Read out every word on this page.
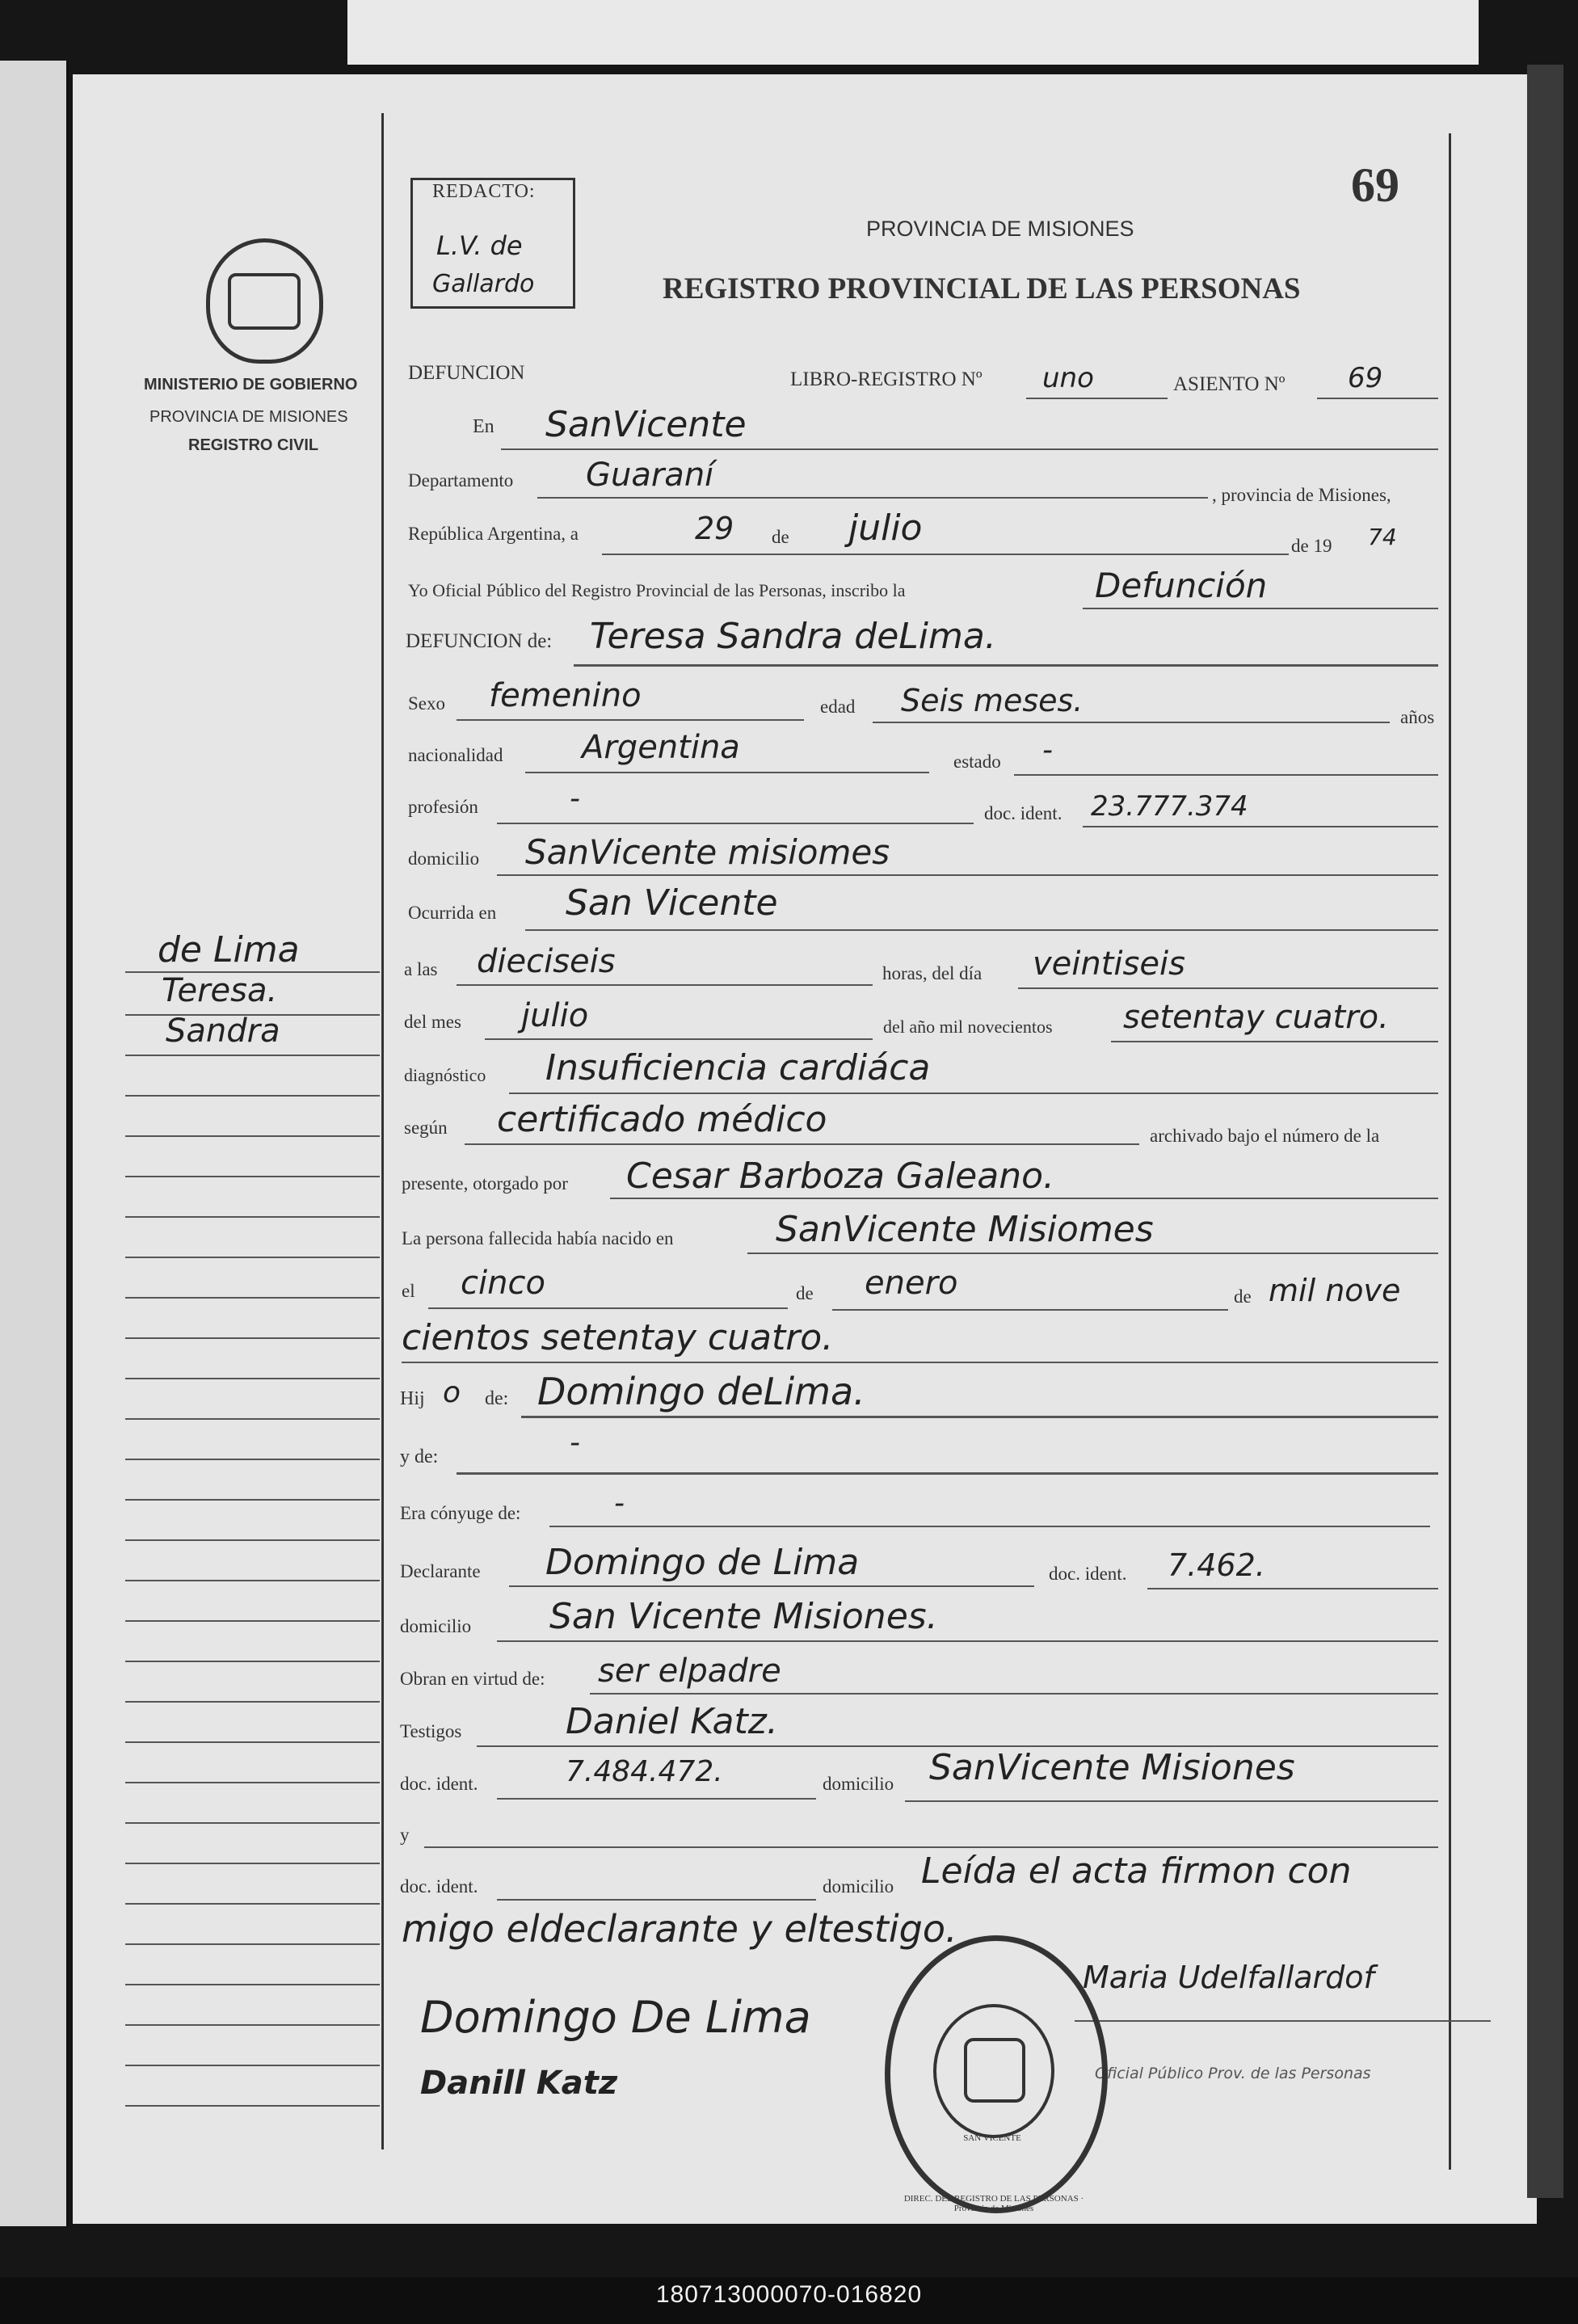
69
PROVINCIA DE MISIONES
REGISTRO PROVINCIAL DE LAS PERSONAS
REDACTO:
L.V. de
Gallardo
MINISTERIO DE GOBIERNO
PROVINCIA DE MISIONES
REGISTRO CIVIL
de Lima
Teresa.
Sandra
DEFUNCION	LIBRO-REGISTRO Nº uno	ASIENTO Nº 69
En SanVicente
Departamento Guaraní
, provincia de Misiones,
República Argentina, a	29 de julio	de 19 74
Yo Oficial Público del Registro Provincial de las Personas, inscribo la	Defunción
DEFUNCION de: Teresa Sandra deLima.
Sexo femenino	edad Seis meses.	años
nacionalidad Argentina	estado -
profesión	-	doc. ident. 23.777.374
domicilio SanVicente misiomes
Ocurrida en San Vicente
a las dieciseis	horas, del día veintiseis
del mes julio	del año mil novecientos setentay cuatro.
diagnóstico Insuficiencia cardiáca
según certificado médico	archivado bajo el número de la
presente, otorgado por Cesar Barboza Galeano.
La persona fallecida había nacido en	SanVicente Misiomes
el cinco	de enero	de mil nove
cientos setentay cuatro.
Hij o de: Domingo deLima.
y de:	-
Era cónyuge de:	-
Declarante Domingo de Lima	doc. ident. 7.462.
domicilio San Vicente Misiones.
Obran en virtud de: ser elpadre
Testigos	Daniel Katz.
doc. ident.	7.484.472.	domicilio SanVicente Misiones
y
doc. ident.	domicilio Leída el acta firmon con
migo eldeclarante y eltestigo.
Domingo De Lima
Danill Katz
Maria Udelfallardof
Oficial Público Prov. de las Personas
DIREC. DEL REGISTRO DE LAS PERSONAS · Provincia de Misiones
SAN VICENTE
180713000070-016820
